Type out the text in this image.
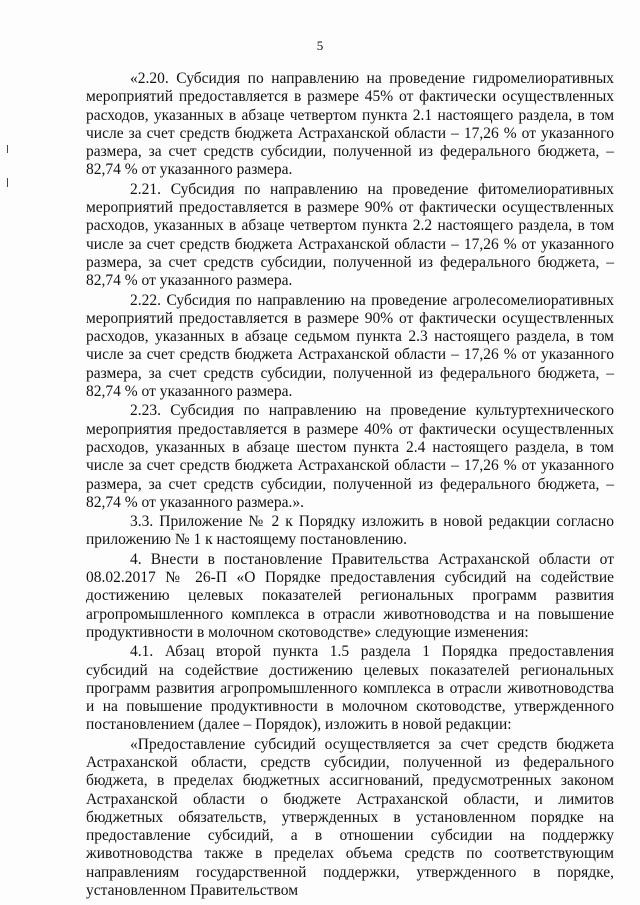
5

«2.20. Субсидия по направлению на проведение гидромелиоративных мероприятий предоставляется в размере 45% от фактически осуществленных расходов, указанных в абзаце четвертом пункта 2.1 настоящего раздела, в том числе за счет средств бюджета Астраханской области – 17,26 % от указанного размера, за счет средств субсидии, полученной из федерального бюджета, – 82,74 % от указанного размера.

2.21. Субсидия по направлению на проведение фитомелиоративных мероприятий предоставляется в размере 90% от фактически осуществленных расходов, указанных в абзаце четвертом пункта 2.2 настоящего раздела, в том числе за счет средств бюджета Астраханской области – 17,26 % от указанного размера, за счет средств субсидии, полученной из федерального бюджета, – 82,74 % от указанного размера.

2.22. Субсидия по направлению на проведение агролесомелиоративных мероприятий предоставляется в размере 90% от фактически осуществленных расходов, указанных в абзаце седьмом пункта 2.3 настоящего раздела, в том числе за счет средств бюджета Астраханской области – 17,26 % от указанного размера, за счет средств субсидии, полученной из федерального бюджета, – 82,74 % от указанного размера.

2.23. Субсидия по направлению на проведение культуртехнического мероприятия предоставляется в размере 40% от фактически осуществленных расходов, указанных в абзаце шестом пункта 2.4 настоящего раздела, в том числе за счет средств бюджета Астраханской области – 17,26 % от указанного размера, за счет средств субсидии, полученной из федерального бюджета, – 82,74 % от указанного размера.».

3.3. Приложение № 2 к Порядку изложить в новой редакции согласно приложению № 1 к настоящему постановлению.

4. Внести в постановление Правительства Астраханской области от 08.02.2017 № 26-П «О Порядке предоставления субсидий на содействие достижению целевых показателей региональных программ развития агропромышленного комплекса в отрасли животноводства и на повышение продуктивности в молочном скотоводстве» следующие изменения:

4.1. Абзац второй пункта 1.5 раздела 1 Порядка предоставления субсидий на содействие достижению целевых показателей региональных программ развития агропромышленного комплекса в отрасли животноводства и на повышение продуктивности в молочном скотоводстве, утвержденного постановлением (далее – Порядок), изложить в новой редакции:

«Предоставление субсидий осуществляется за счет средств бюджета Астраханской области, средств субсидии, полученной из федерального бюджета, в пределах бюджетных ассигнований, предусмотренных законом Астраханской области о бюджете Астраханской области, и лимитов бюджетных обязательств, утвержденных в установленном порядке на предоставление субсидий, а в отношении субсидии на поддержку животноводства также в пределах объема средств по соответствующим направлениям государственной поддержки, утвержденного в порядке, установленном Правительством
